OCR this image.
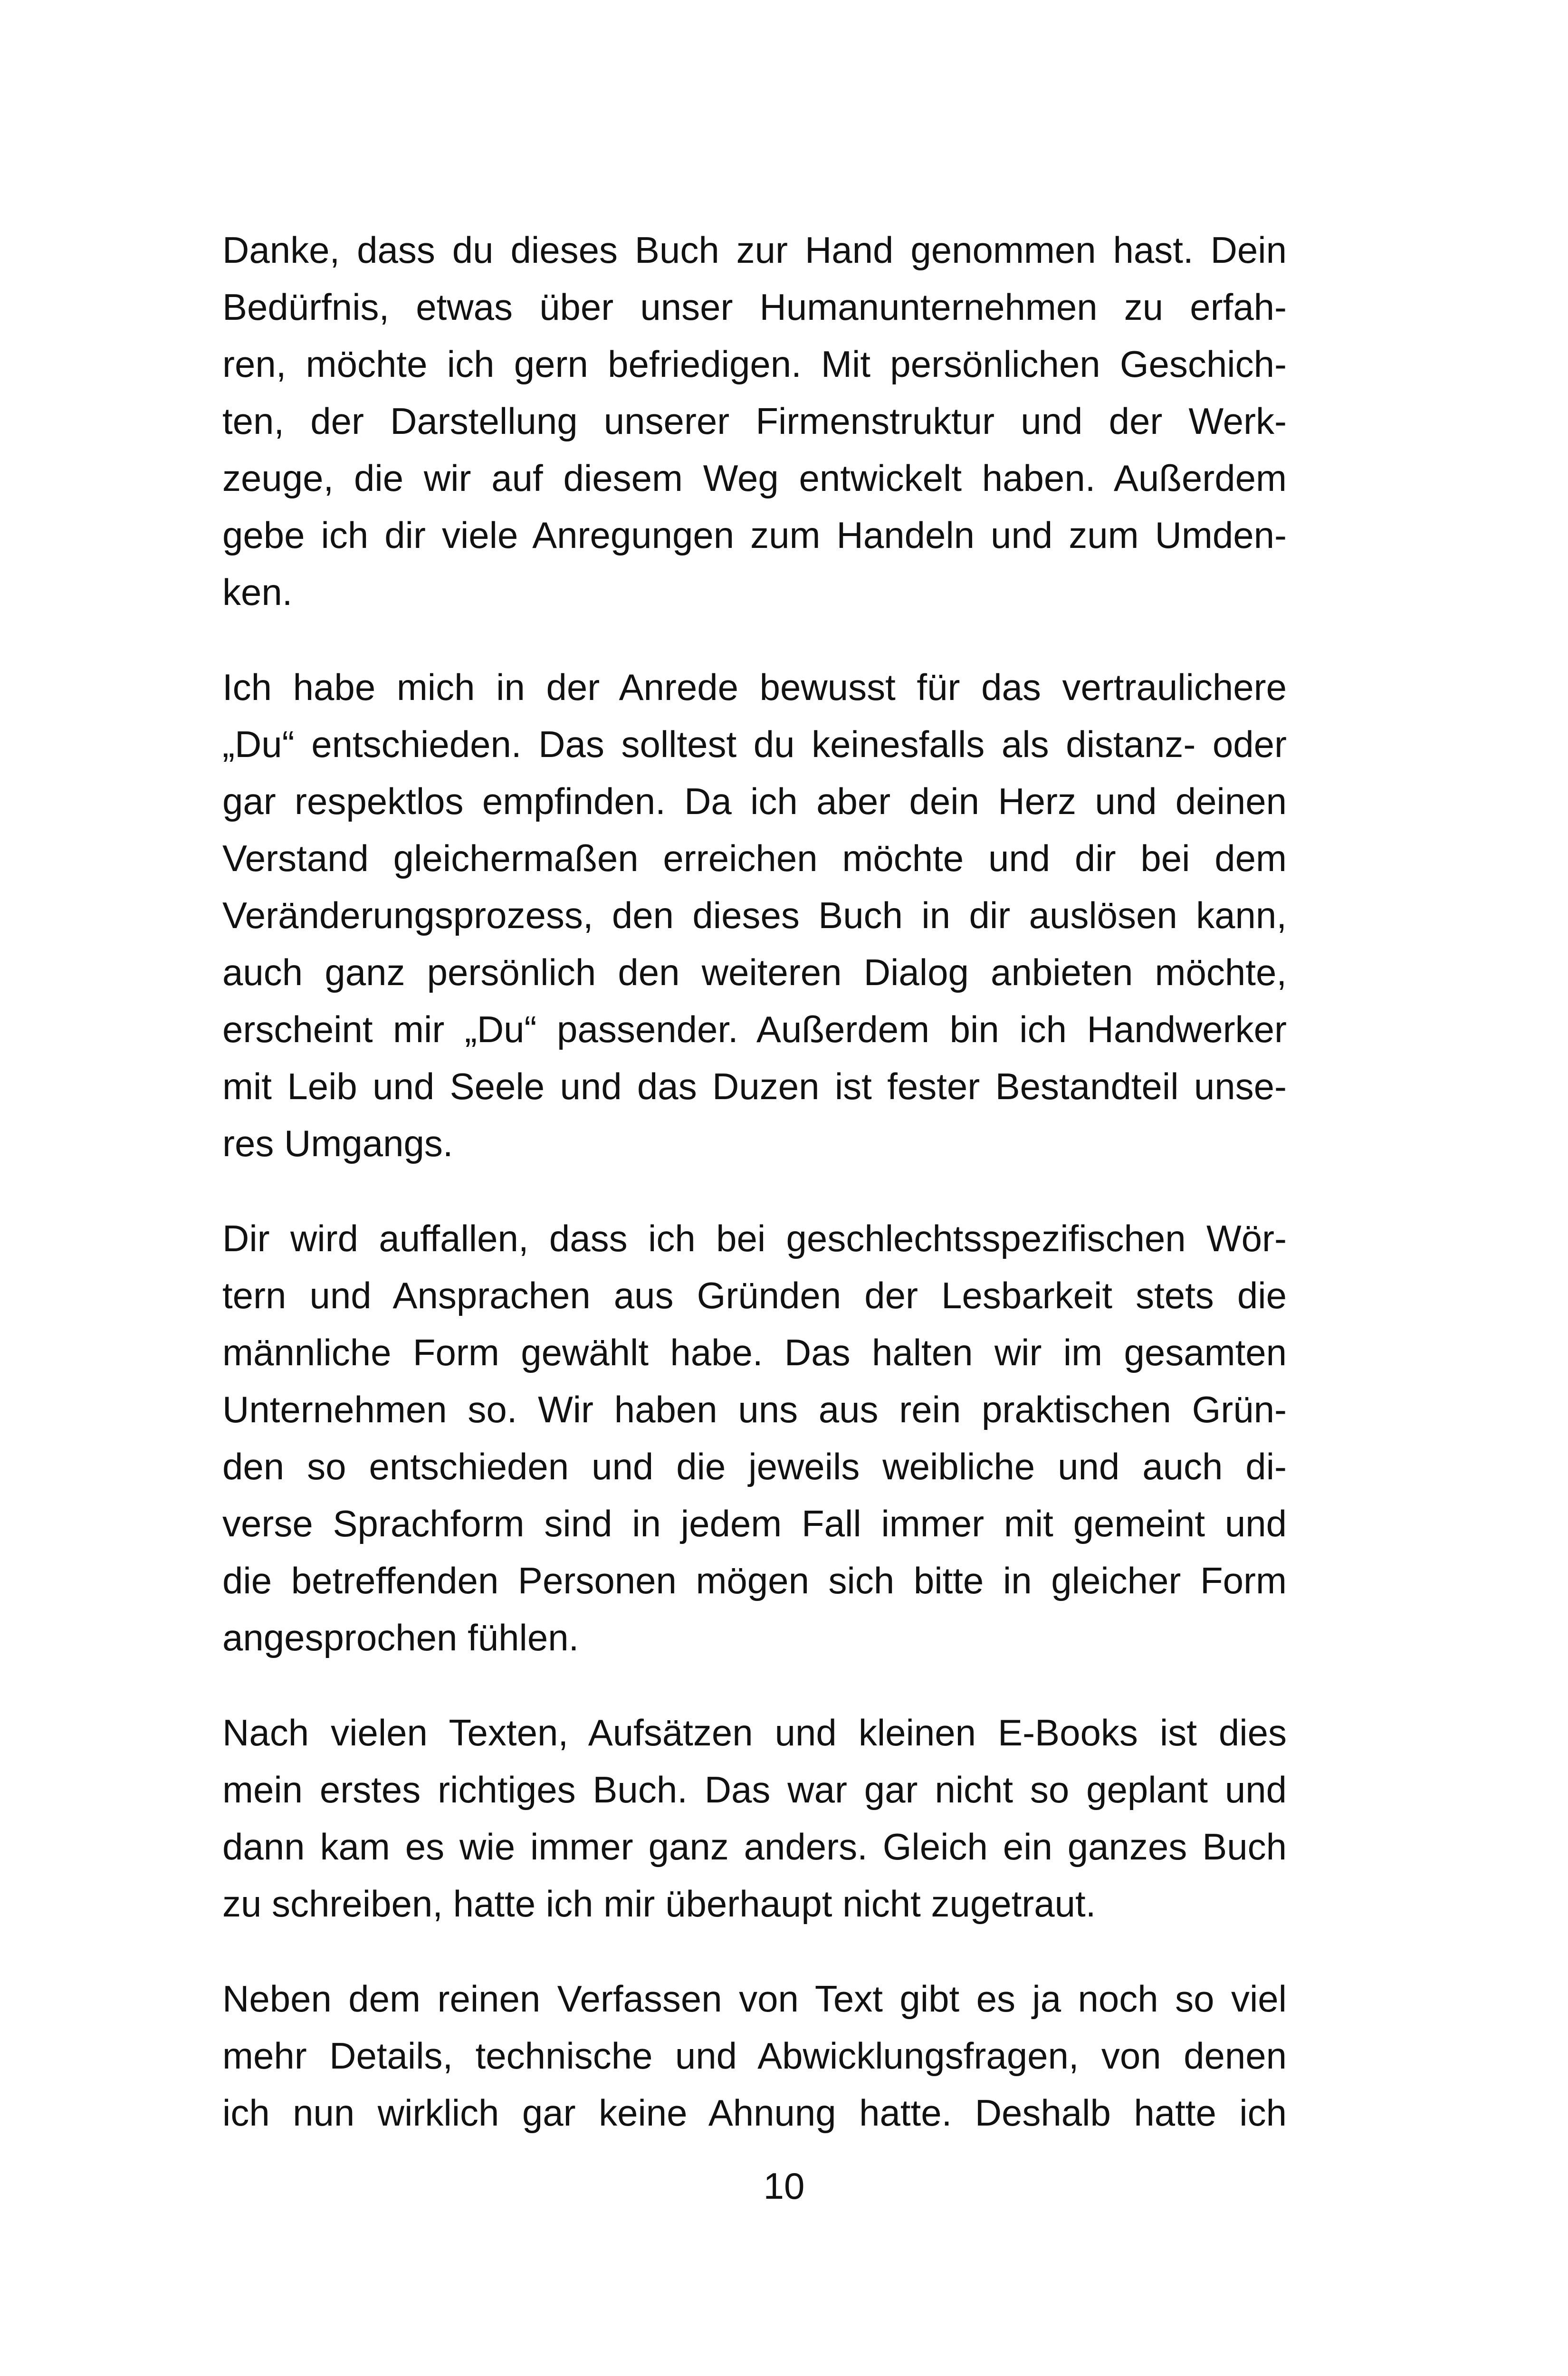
Danke, dass du dieses Buch zur Hand genommen hast. Dein
Bedürfnis, etwas über unser Humanunternehmen zu erfah-
ren, möchte ich gern befriedigen. Mit persönlichen Geschich-
ten, der Darstellung unserer Firmenstruktur und der Werk-
zeuge, die wir auf diesem Weg entwickelt haben. Außerdem
gebe ich dir viele Anregungen zum Handeln und zum Umden-
ken.

Ich habe mich in der Anrede bewusst für das vertraulichere
„Du“ entschieden. Das solltest du keinesfalls als distanz- oder
gar respektlos empfinden. Da ich aber dein Herz und deinen
Verstand gleichermaßen erreichen möchte und dir bei dem
Veränderungsprozess, den dieses Buch in dir auslösen kann,
auch ganz persönlich den weiteren Dialog anbieten möchte,
erscheint mir „Du“ passender. Außerdem bin ich Handwerker
mit Leib und Seele und das Duzen ist fester Bestandteil unse-
res Umgangs.

Dir wird auffallen, dass ich bei geschlechtsspezifischen Wör-
tern und Ansprachen aus Gründen der Lesbarkeit stets die
männliche Form gewählt habe. Das halten wir im gesamten
Unternehmen so. Wir haben uns aus rein praktischen Grün-
den so entschieden und die jeweils weibliche und auch di-
verse Sprachform sind in jedem Fall immer mit gemeint und
die betreffenden Personen mögen sich bitte in gleicher Form
angesprochen fühlen.

Nach vielen Texten, Aufsätzen und kleinen E-Books ist dies
mein erstes richtiges Buch. Das war gar nicht so geplant und
dann kam es wie immer ganz anders. Gleich ein ganzes Buch
zu schreiben, hatte ich mir überhaupt nicht zugetraut.

Neben dem reinen Verfassen von Text gibt es ja noch so viel
mehr Details, technische und Abwicklungsfragen, von denen
ich nun wirklich gar keine Ahnung hatte. Deshalb hatte ich

10
